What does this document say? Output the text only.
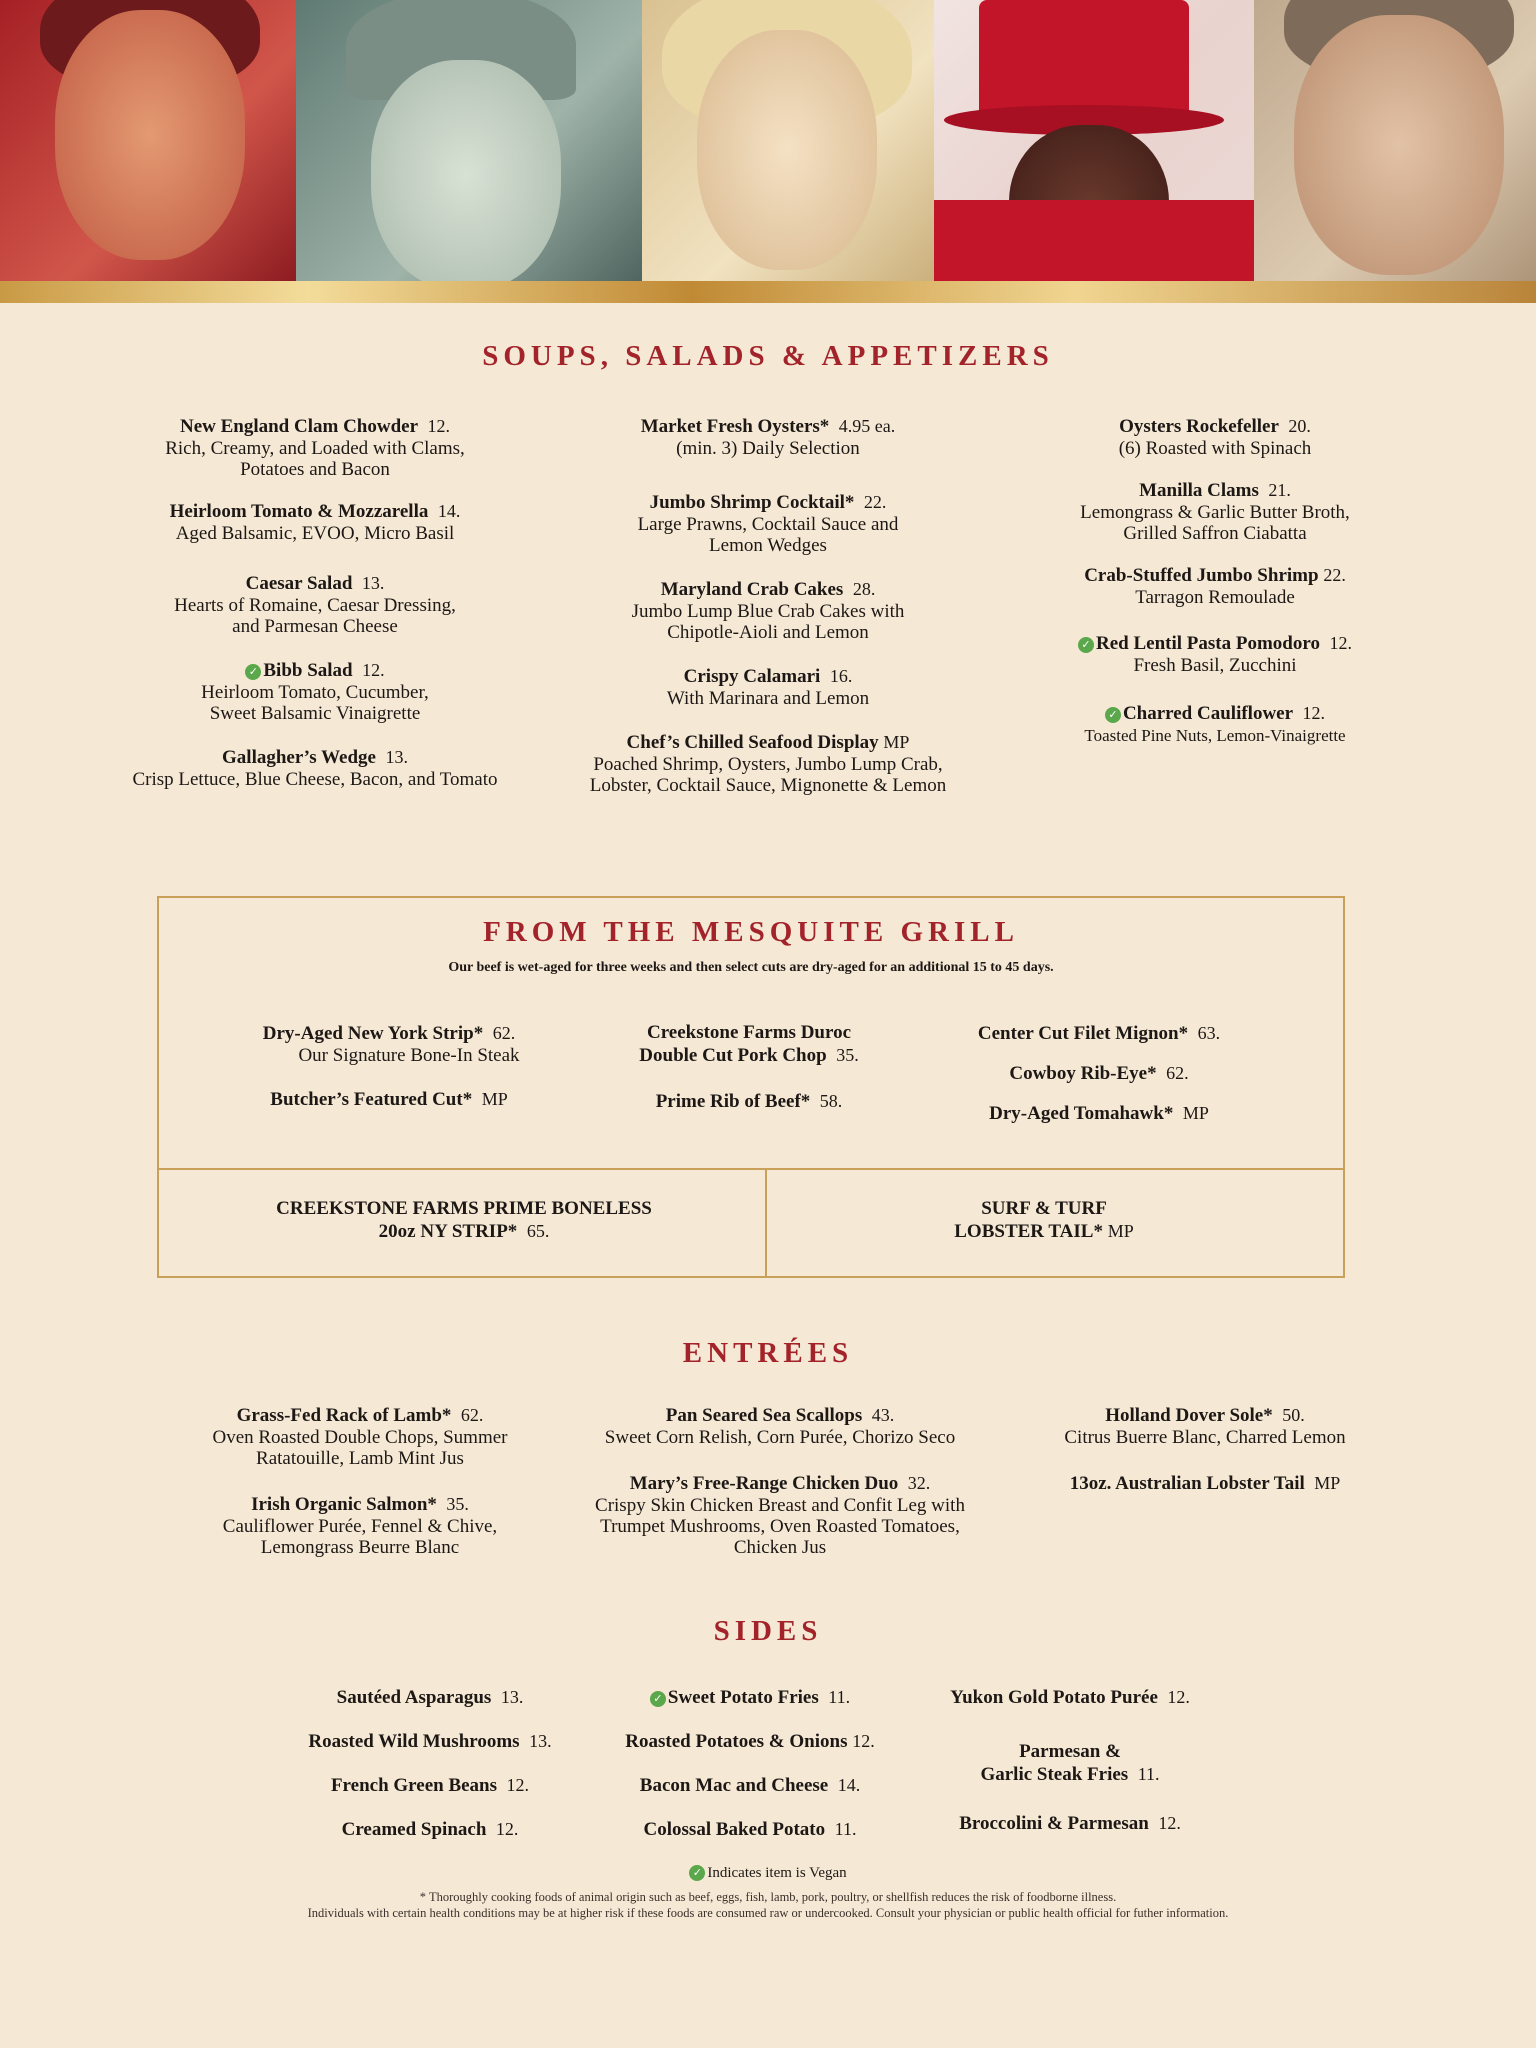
SOUPS, SALADS & APPETIZERS
New England Clam Chowder 12.
Rich, Creamy, and Loaded with Clams,
Potatoes and Bacon
Heirloom Tomato & Mozzarella 14.
Aged Balsamic, EVOO, Micro Basil
Caesar Salad 13.
Hearts of Romaine, Caesar Dressing,
and Parmesan Cheese
✓ Bibb Salad 12.
Heirloom Tomato, Cucumber,
Sweet Balsamic Vinaigrette
Gallagher’s Wedge 13.
Crisp Lettuce, Blue Cheese, Bacon, and Tomato
Market Fresh Oysters* 4.95 ea.
(min. 3) Daily Selection
Jumbo Shrimp Cocktail* 22.
Large Prawns, Cocktail Sauce and
Lemon Wedges
Maryland Crab Cakes 28.
Jumbo Lump Blue Crab Cakes with
Chipotle-Aioli and Lemon
Crispy Calamari 16.
With Marinara and Lemon
Chef’s Chilled Seafood Display MP
Poached Shrimp, Oysters, Jumbo Lump Crab,
Lobster, Cocktail Sauce, Mignonette & Lemon
Oysters Rockefeller 20.
(6) Roasted with Spinach
Manilla Clams 21.
Lemongrass & Garlic Butter Broth,
Grilled Saffron Ciabatta
Crab-Stuffed Jumbo Shrimp 22.
Tarragon Remoulade
✓ Red Lentil Pasta Pomodoro 12.
Fresh Basil, Zucchini
✓ Charred Cauliflower 12.
Toasted Pine Nuts, Lemon-Vinaigrette
FROM THE MESQUITE GRILL
Our beef is wet-aged for three weeks and then select cuts are dry-aged for an additional 15 to 45 days.
Dry-Aged New York Strip* 62.
Our Signature Bone-In Steak
Butcher’s Featured Cut* MP
Creekstone Farms Duroc
Double Cut Pork Chop 35.
Prime Rib of Beef* 58.
Center Cut Filet Mignon* 63.
Cowboy Rib-Eye* 62.
Dry-Aged Tomahawk* MP
CREEKSTONE FARMS PRIME BONELESS
20oz NY STRIP* 65.
SURF & TURF
LOBSTER TAIL* MP
ENTRÉES
Grass-Fed Rack of Lamb* 62.
Oven Roasted Double Chops, Summer
Ratatouille, Lamb Mint Jus
Irish Organic Salmon* 35.
Cauliflower Purée, Fennel & Chive,
Lemongrass Beurre Blanc
Pan Seared Sea Scallops 43.
Sweet Corn Relish, Corn Purée, Chorizo Seco
Mary’s Free-Range Chicken Duo 32.
Crispy Skin Chicken Breast and Confit Leg with
Trumpet Mushrooms, Oven Roasted Tomatoes,
Chicken Jus
Holland Dover Sole* 50.
Citrus Buerre Blanc, Charred Lemon
13oz. Australian Lobster Tail MP
SIDES
Sautéed Asparagus 13.
Roasted Wild Mushrooms 13.
French Green Beans 12.
Creamed Spinach 12.
✓ Sweet Potato Fries 11.
Roasted Potatoes & Onions 12.
Bacon Mac and Cheese 14.
Colossal Baked Potato 11.
Yukon Gold Potato Purée 12.
Parmesan &
Garlic Steak Fries 11.
Broccolini & Parmesan 12.
✓ Indicates item is Vegan
* Thoroughly cooking foods of animal origin such as beef, eggs, fish, lamb, pork, poultry, or shellfish reduces the risk of foodborne illness.
Individuals with certain health conditions may be at higher risk if these foods are consumed raw or undercooked. Consult your physician or public health official for futher information.
